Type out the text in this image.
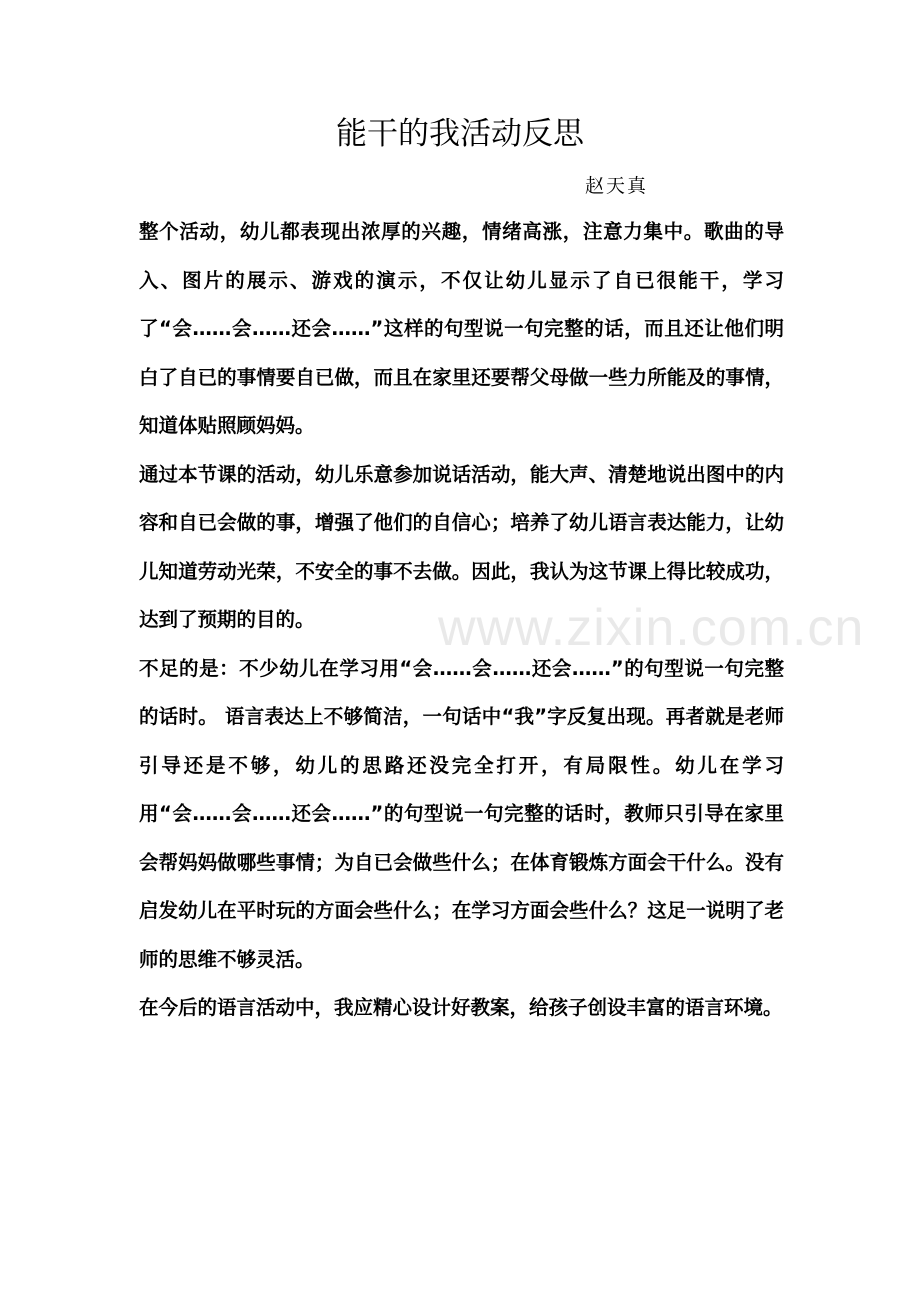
能干的我活动反思
赵天真

整个活动，幼儿都表现出浓厚的兴趣，情绪高涨，注意力集中。歌曲的导入、图片的展示、游戏的演示，不仅让幼儿显示了自已很能干，学习了“会……会……还会……”这样的句型说一句完整的话，而且还让他们明白了自已的事情要自已做，而且在家里还要帮父母做一些力所能及的事情，知道体贴照顾妈妈。

通过本节课的活动，幼儿乐意参加说话活动，能大声、清楚地说出图中的内容和自已会做的事，增强了他们的自信心；培养了幼儿语言表达能力，让幼 儿知道劳动光荣，不安全的事不去做。因此，我认为这节课上得比较成功，达到了预期的目的。

不足的是：不少幼儿在学习用“会……会……还会……”的句型说一句完整的话时。 语言表达上不够简洁，一句话中“我”字反复出现。再者就是老师引导还是不够，幼儿的思路还没完全打开，有局限性。幼儿在学习用“会……会……还会……”的句型说一句完整的话时，教师只引导在家里会帮妈妈做哪些事情；为自已会做些什么；在体育锻炼方面会干什么。没有启发幼儿在平时玩的方面会些什么；在学习方面会些什么？这足一说明了老师的思维不够灵活。

在今后的语言活动中，我应精心设计好教案，给孩子创设丰富的语言环境。

www.zixin.com.cn
